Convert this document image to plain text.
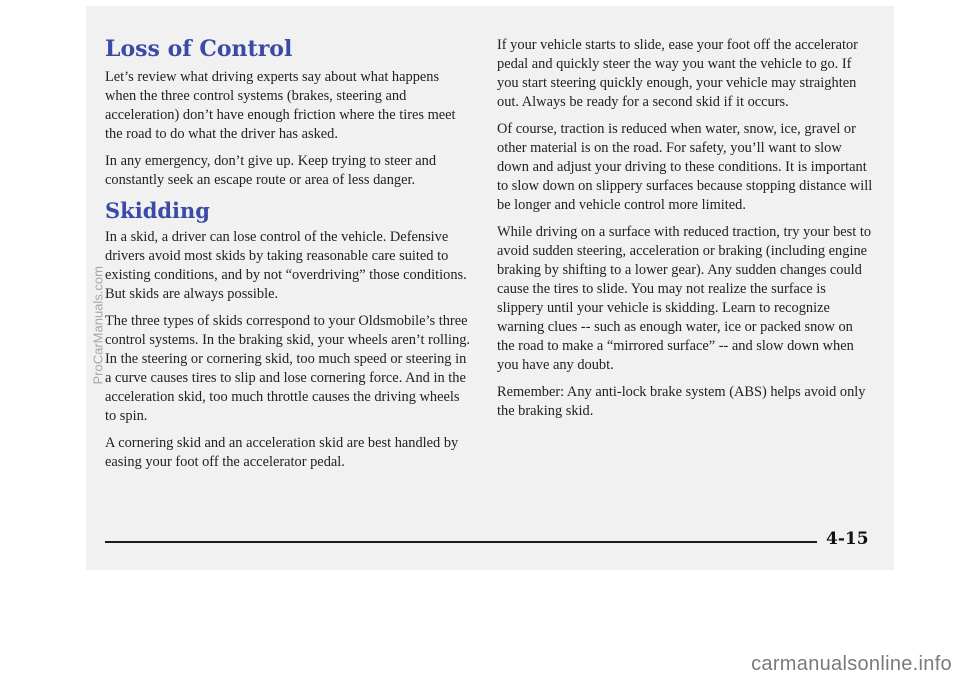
Loss of Control

Let’s review what driving experts say about what happens when the three control systems (brakes, steering and acceleration) don’t have enough friction where the tires meet the road to do what the driver has asked.

In any emergency, don’t give up. Keep trying to steer and constantly seek an escape route or area of less danger.

Skidding

In a skid, a driver can lose control of the vehicle. Defensive drivers avoid most skids by taking reasonable care suited to existing conditions, and by not “overdriving” those conditions. But skids are always possible.

The three types of skids correspond to your Oldsmobile’s three control systems. In the braking skid, your wheels aren’t rolling. In the steering or cornering skid, too much speed or steering in a curve causes tires to slip and lose cornering force. And in the acceleration skid, too much throttle causes the driving wheels to spin.

A cornering skid and an acceleration skid are best handled by easing your foot off the accelerator pedal.

If your vehicle starts to slide, ease your foot off the accelerator pedal and quickly steer the way you want the vehicle to go. If you start steering quickly enough, your vehicle may straighten out. Always be ready for a second skid if it occurs.

Of course, traction is reduced when water, snow, ice, gravel or other material is on the road. For safety, you’ll want to slow down and adjust your driving to these conditions. It is important to slow down on slippery surfaces because stopping distance will be longer and vehicle control more limited.

While driving on a surface with reduced traction, try your best to avoid sudden steering, acceleration or braking (including engine braking by shifting to a lower gear). Any sudden changes could cause the tires to slide. You may not realize the surface is slippery until your vehicle is skidding. Learn to recognize warning clues -- such as enough water, ice or packed snow on the road to make a “mirrored surface” -- and slow down when you have any doubt.

Remember: Any anti-lock brake system (ABS) helps avoid only the braking skid.

4-15
ProCarManuals.com
carmanualsonline.info
